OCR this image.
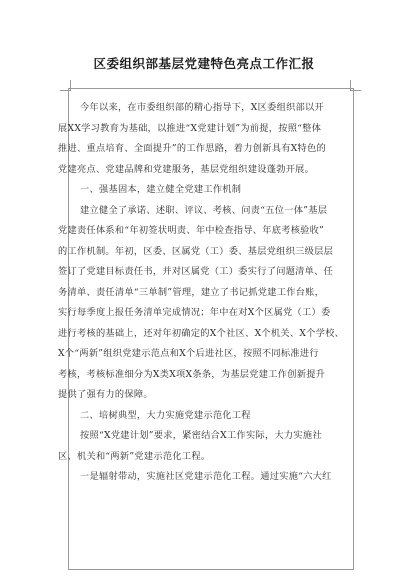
区委组织部基层党建特色亮点工作汇报
今年以来，在市委组织部的精心指导下，X区委组织部以开
展XX学习教育为基础，以推进“X党建计划”为前提，按照“整体
推进、重点培育、全面提升”的工作思路，着力创新具有X特色的
党建亮点、党建品牌和党建服务，基层党组织建设蓬勃开展。
一、强基固本，建立健全党建工作机制
建立健全了承诺、述职、评议、考核、问责“五位一体”基层
党建责任体系和“年初签状明责、年中检查指导、年底考核验收”
的工作机制。年初，区委、区属党（工）委、基层党组织三级层层
签订了党建目标责任书，并对区属党（工）委实行了问题清单、任
务清单、责任清单“三单制”管理，建立了书记抓党建工作台账，
实行每季度上报任务清单完成情况；年中在对X个区属党（工）委
进行考核的基础上，还对年初确定的X个社区、X个机关、X个学校、
X个“两新”组织党建示范点和X个后进社区，按照不同标准进行
考核，考核标准细分为X类X项X条条，为基层党建工作创新提升
提供了强有力的保障。
二、培树典型，大力实施党建示范化工程
按照“X党建计划”要求，紧密结合X工作实际，大力实施社
区、机关和“两新”党建示范化工程。
一是辐射带动，实施社区党建示范化工程。通过实施“六大红
